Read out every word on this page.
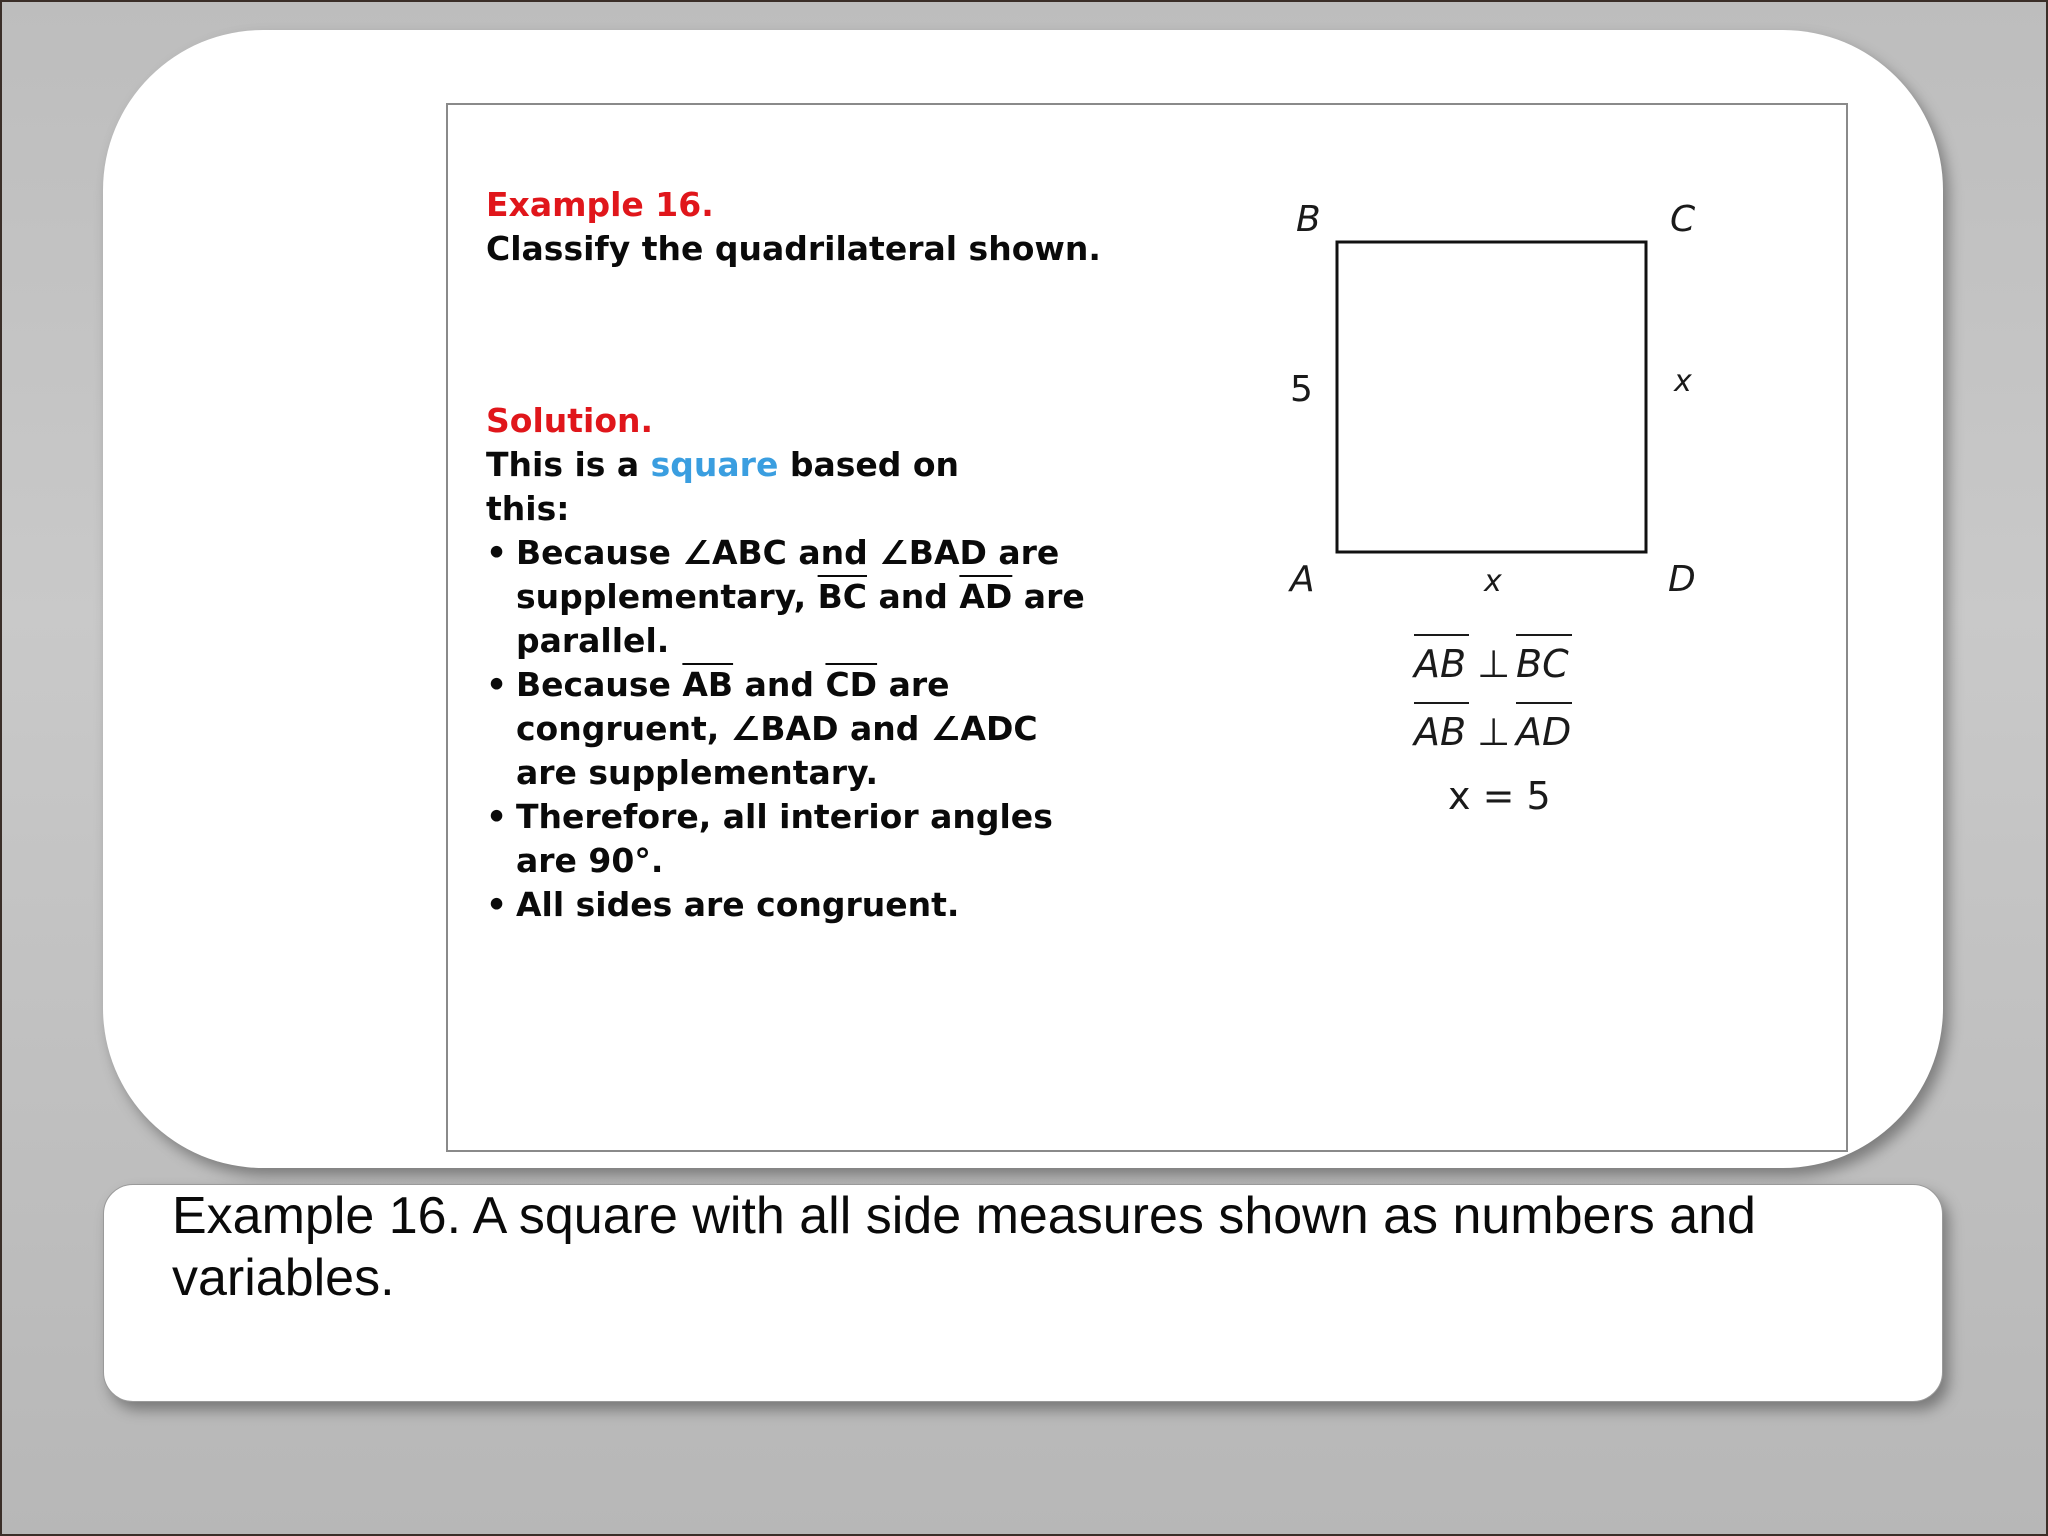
Example 16.
Classify the quadrilateral shown.
Solution.
This is a square based on this:
• Because ∠ABC and ∠BAD are supplementary, $\overline{BC}$ and $\overline{AD}$ are parallel.
• Because $\overline{AB}$ and $\overline{CD}$ are congruent, ∠BAD and ∠ADC are supplementary.
• Therefore, all interior angles are 90°.
• All sides are congruent.
B	C
A	D
5	x
x
AB ⊥ BC
AB ⊥ AD
x = 5
Example 16. A square with all side measures shown as numbers and variables.
